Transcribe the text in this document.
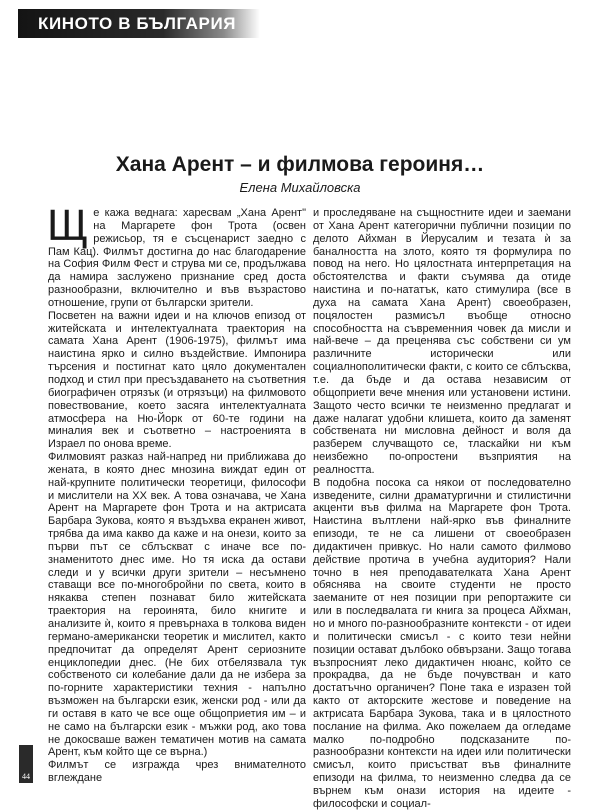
КИНОТО В БЪЛГАРИЯ
Хана Арент – и филмова героиня…
Елена Михайловска

Ще кажа веднага: харесвам „Хана Арент" на Маргарете фон Трота (освен режисьор, тя е съсценарист заедно с Пам Кац). Филмът достигна до нас благодарение на София Филм Фест и струва ми се, продължава да намира заслужено признание сред доста разнообразни, включително и във възрастово отношение, групи от български зрители.

Посветен на важни идеи и на ключов епизод от житейската и интелектуалната траектория на самата Хана Арент (1906-1975), филмът има наистина ярко и силно въздействие. Импонира търсения и постигнат като цяло документален подход и стил при пресъздаването на съответния биографичен отрязък (и отрязъци) на филмовото повествование, което засяга интелектуалната атмосфера на Ню-Йорк от 60-те години на миналия век и съответно – настроенията в Израел по онова време.

Филмовият разказ най-напред ни приближава до жената, в която днес мнозина виждат един от най-крупните политически теоретици, философи и мислители на ХХ век. А това означава, че Хана Арент на Маргарете фон Трота и на актрисата Барбара Зукова, която я въздъхва екранен живот, трябва да има какво да каже и на онези, които за първи път се сблъскват с иначе все по-знаменитото днес име. Но тя иска да остави следи и у всички други зрители – несъмнено ставащи все по-многобройни по света, които в някаква степен познават било житейската траектория на героинята, било книгите и анализите ѝ, които я превърнаха в толкова виден германо-американски теоретик и мислител, както предпочитат да определят Арент сериозните енциклопедии днес. (Не бих отбелязвала тук собственото си колебание дали да не избера за по-горните характеристики техния - напълно възможен на български език, женски род - или да ги оставя в като че все още общоприетия им – и не само на български език - мъжки род, ако това не докосваше важен тематичен мотив на самата Арент, към който ще се върна.)

Филмът се изгражда чрез внимателното вглеждане

и проследяване на същностните идеи и заемани от Хана Арент категорични публични позиции по делото Айхман в Йерусалим и тезата ѝ за баналността на злото, която тя формулира по повод на него. Но цялостната интерпретация на обстоятелства и факти съумява да отиде наистина и по-нататък, като стимулира (все в духа на самата Хана Арент) своеобразен, поцялостен размисъл въобще относно способността на съвременния човек да мисли и най-вече – да преценява със собствени си ум различните исторически или социалнополитически факти, с които се сблъсква, т.е. да бъде и да остава независим от общоприети вече мнения или установени истини. Защото често всички те неизменно предлагат и даже налагат удобни клишета, които да заменят собствената ни мисловна дейност и воля да разберем случващото се, тласкайки ни към неизбежно по-опростени възприятия на реалността.

В подобна посока са някои от последователно изведените, силни драматургични и стилистични акценти във филма на Маргарете фон Трота. Наистина вълтлени най-ярко във финалните епизоди, те не са лишени от своеобразен дидактичен привкус. Но нали самото филмово действие протича в учебна аудитория? Нали точно в нея преподавателката Хана Арент обяснява на своите студенти не просто заеманите от нея позиции при репортажите си или в последвалата ги книга за процеса Айхман, но и много по-разнообразните контексти - от идеи и политически смисъл - с които тези нейни позиции остават дълбоко обвързани. Защо тогава възпросният леко дидактичен нюанс, който се прокрадва, да не бъде почувстван и като достатъчно органичен? Поне така е изразен той както от акторските жестове и поведение на актрисата Барбара Зукова, така и в цялостното послание на филма. Ако пожелаем да огледаме малко по-подробно подсказаните по-разнообразни контексти на идеи или политически смисъл, които присъстват във финалните епизоди на филма, то неизменно следва да се върнем към онази история на идеите - философски и социал-

44
